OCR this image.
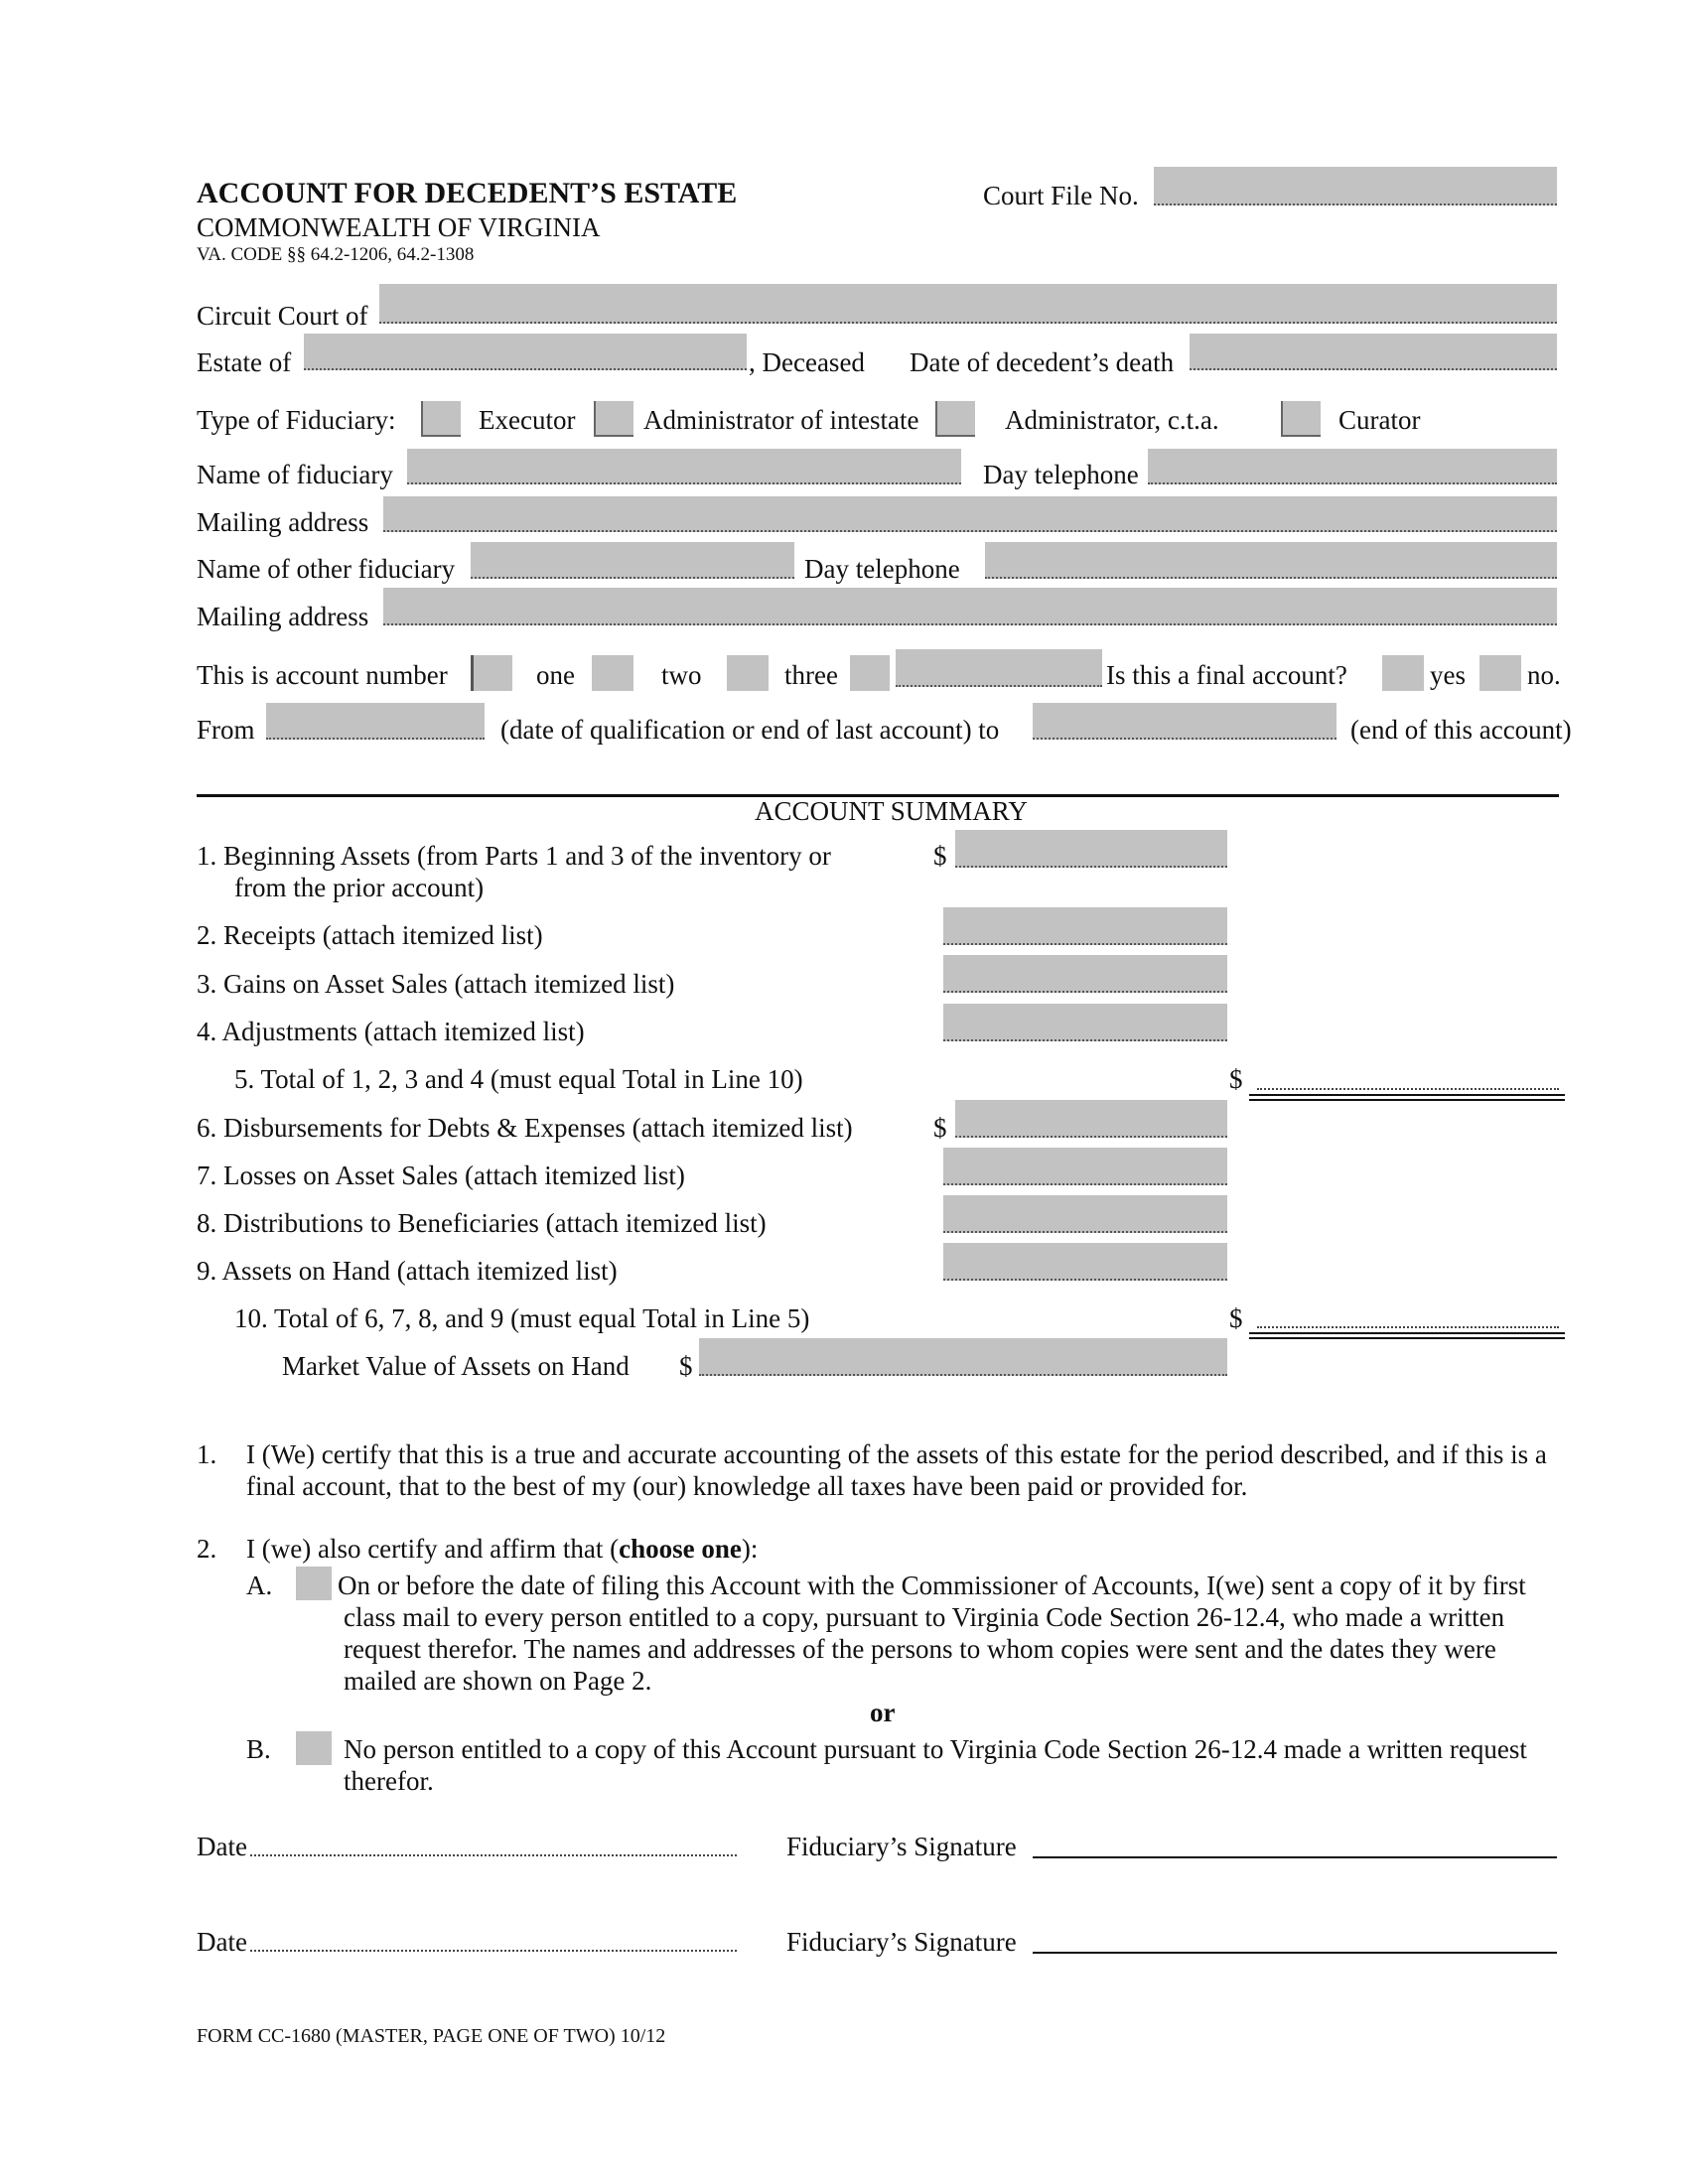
ACCOUNT FOR DECEDENT’S ESTATE
COMMONWEALTH OF VIRGINIA
VA. CODE §§ 64.2-1206, 64.2-1308
Court File No.
Circuit Court of
Estate of	, Deceased Date of decedent’s death
Type of Fiduciary:	Executor	Administrator of intestate	Administrator, c.t.a.	Curator
Name of fiduciary	Day telephone
Mailing address
Name of other fiduciary	Day telephone
Mailing address
This is account number	one	two	three	Is this a final account?	yes no.
From	(date of qualification or end of last account) to	(end of this account)
ACCOUNT SUMMARY
1. Beginning Assets (from Parts 1 and 3 of the inventory or
from the prior account)
$
2. Receipts (attach itemized list)
3. Gains on Asset Sales (attach itemized list)
4. Adjustments (attach itemized list)
5. Total of 1, 2, 3 and 4 (must equal Total in Line 10)	$
6. Disbursements for Debts & Expenses (attach itemized list)	$
7. Losses on Asset Sales (attach itemized list)
8. Distributions to Beneficiaries (attach itemized list)
9. Assets on Hand (attach itemized list)
10. Total of 6, 7, 8, and 9 (must equal Total in Line 5)	$
Market Value of Assets on Hand $
1. I (We) certify that this is a true and accurate accounting of the assets of this estate for the period described, and if this is a
final account, that to the best of my (our) knowledge all taxes have been paid or provided for.
2. I (we) also certify and affirm that (choose one):
A. On or before the date of filing this Account with the Commissioner of Accounts, I(we) sent a copy of it by first
class mail to every person entitled to a copy, pursuant to Virginia Code Section 26-12.4, who made a written
request therefor. The names and addresses of the persons to whom copies were sent and the dates they were
mailed are shown on Page 2.
or
B.	No person entitled to a copy of this Account pursuant to Virginia Code Section 26-12.4 made a written request
therefor.
Date	Fiduciary’s Signature
Date	Fiduciary’s Signature
FORM CC-1680 (MASTER, PAGE ONE OF TWO) 10/12
